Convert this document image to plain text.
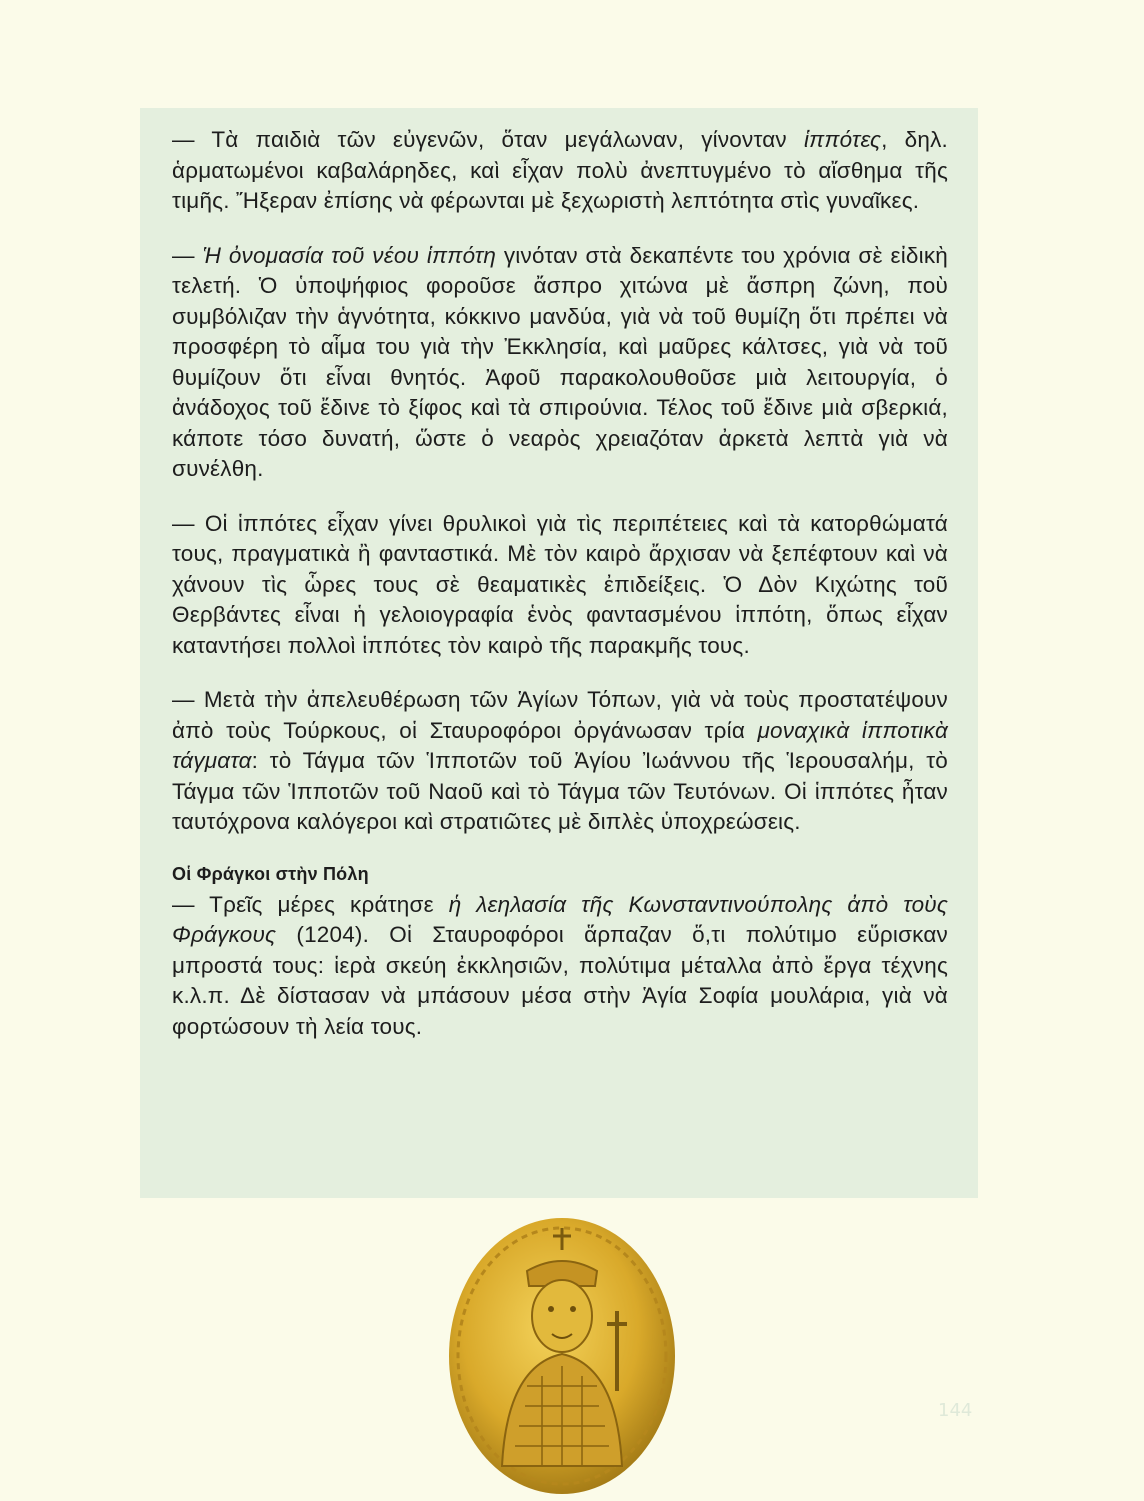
— Τὰ παιδιὰ τῶν εὐγενῶν, ὅταν μεγάλωναν, γίνονταν ἱππότες, δηλ. ἁρματωμένοι καβαλάρηδες, καὶ εἶχαν πολὺ ἀνεπτυγμένο τὸ αἴσθημα τῆς τιμῆς. Ἤξεραν ἐπίσης νὰ φέρωνται μὲ ξεχωριστὴ λεπτότητα στὶς γυναῖκες.

— Ἡ ὀνομασία τοῦ νέου ἱππότη γινόταν στὰ δεκαπέντε του χρόνια σὲ εἰδικὴ τελετή. Ὁ ὑποψήφιος φοροῦσε ἄσπρο χιτώνα μὲ ἄσπρη ζώνη, ποὺ συμβόλιζαν τὴν ἁγνότητα, κόκκινο μανδύα, γιὰ νὰ τοῦ θυμίζη ὅτι πρέπει νὰ προσφέρη τὸ αἷμα του γιὰ τὴν Ἐκκλησία, καὶ μαῦρες κάλτσες, γιὰ νὰ τοῦ θυμίζουν ὅτι εἶναι θνητός. Ἀφοῦ παρακολουθοῦσε μιὰ λειτουργία, ὁ ἀνάδοχος τοῦ ἔδινε τὸ ξίφος καὶ τὰ σπιρούνια. Τέλος τοῦ ἔδινε μιὰ σβερκιά, κάποτε τόσο δυνατή, ὥστε ὁ νεαρὸς χρειαζόταν ἀρκετὰ λεπτὰ γιὰ νὰ συνέλθη.

— Οἱ ἱππότες εἶχαν γίνει θρυλικοὶ γιὰ τὶς περιπέτειες καὶ τὰ κατορθώματά τους, πραγματικὰ ἢ φανταστικά. Μὲ τὸν καιρὸ ἄρχισαν νὰ ξεπέφτουν καὶ νὰ χάνουν τὶς ὧρες τους σὲ θεαματικὲς ἐπιδείξεις. Ὁ Δὸν Κιχώτης τοῦ Θερβάντες εἶναι ἡ γελοιογραφία ἑνὸς φαντασμένου ἱππότη, ὅπως εἶχαν καταντήσει πολλοὶ ἱππότες τὸν καιρὸ τῆς παρακμῆς τους.

— Μετὰ τὴν ἀπελευθέρωση τῶν Ἁγίων Τόπων, γιὰ νὰ τοὺς προστατέψουν ἀπὸ τοὺς Τούρκους, οἱ Σταυροφόροι ὀργάνωσαν τρία μοναχικὰ ἱπποτικὰ τάγματα: τὸ Τάγμα τῶν Ἱπποτῶν τοῦ Ἁγίου Ἰωάννου τῆς Ἱερουσαλήμ, τὸ Τάγμα τῶν Ἱπποτῶν τοῦ Ναοῦ καὶ τὸ Τάγμα τῶν Τευτόνων. Οἱ ἱππότες ἦταν ταυτόχρονα καλόγεροι καὶ στρατιῶτες μὲ διπλὲς ὑποχρεώσεις.

Οἱ Φράγκοι στὴν Πόλη

— Τρεῖς μέρες κράτησε ἡ λεηλασία τῆς Κωνσταντινούπολης ἀπὸ τοὺς Φράγκους (1204). Οἱ Σταυροφόροι ἅρπαζαν ὅ,τι πολύτιμο εὕρισκαν μπροστά τους: ἱερὰ σκεύη ἐκκλησιῶν, πολύτιμα μέταλλα ἀπὸ ἔργα τέχνης κ.λ.π. Δὲ δίστασαν νὰ μπάσουν μέσα στὴν Ἁγία Σοφία μουλάρια, γιὰ νὰ φορτώσουν τὴ λεία τους.

144
